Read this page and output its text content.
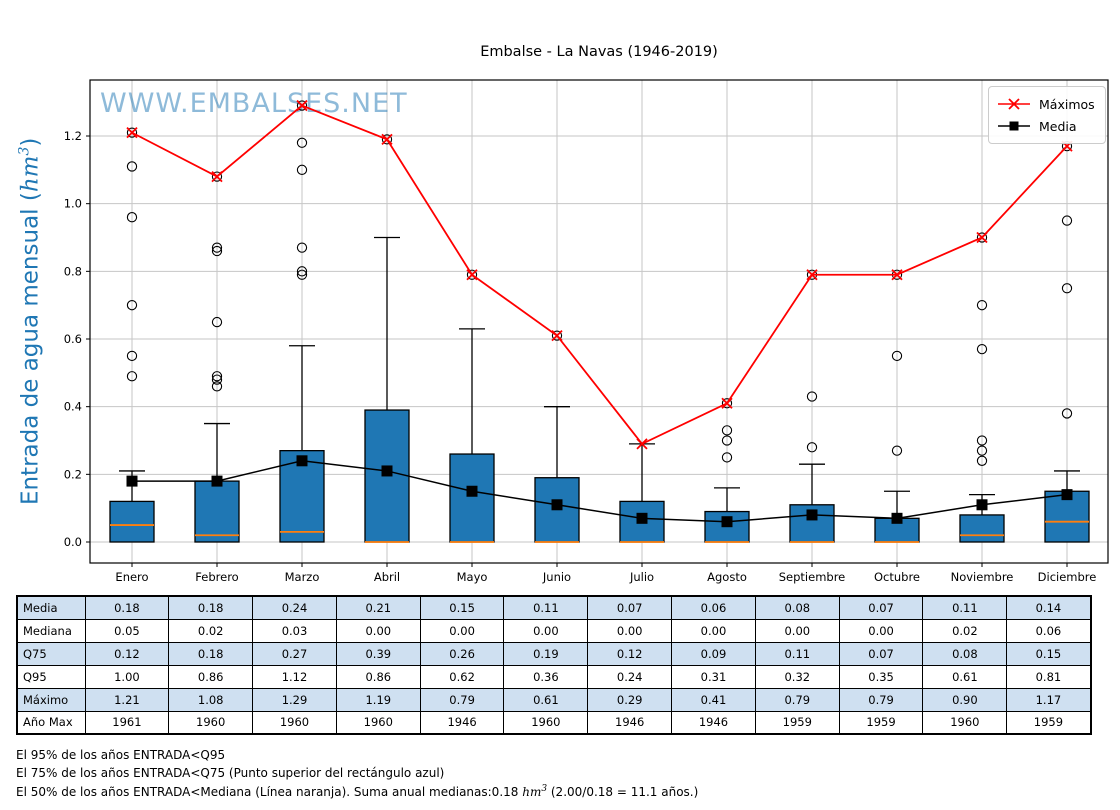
Embalse - La Navas (1946-2019)
Entrada de agua mensual $(hm^3)$
WWW.EMBALSES.NET
0.0
0.2
0.4
0.6
0.8
1.0
1.2
Enero	Febrero	Marzo	Abril	Mayo	Junio	Julio	Agosto	Septiembre Octubre	Noviembre Diciembre
Máximos
Media
Media	0.18	0.18	0.24	0.21	0.15	0.11	0.07	0.06	0.08	0.07	0.11	0.14
Mediana	0.05	0.02	0.03	0.00	0.00	0.00	0.00	0.00	0.00	0.00	0.02	0.06
Q75	0.12	0.18	0.27	0.39	0.26	0.19	0.12	0.09	0.11	0.07	0.08	0.15
Q95	1.00	0.86	1.12	0.86	0.62	0.36	0.24	0.31	0.32	0.35	0.61	0.81
Máximo	1.21	1.08	1.29	1.19	0.79	0.61	0.29	0.41	0.79	0.79	0.90	1.17
Año Max	1961	1960	1960	1960	1946	1960	1946	1946	1959	1959	1960	1959
El 95% de los años ENTRADA<Q95
El 75% de los años ENTRADA<Q75 (Punto superior del rectángulo azul)
El 50% de los años ENTRADA<Mediana (Línea naranja). Suma anual medianas:0.18 $hm^3$ (2.00/0.18 = 11.1 años.)
